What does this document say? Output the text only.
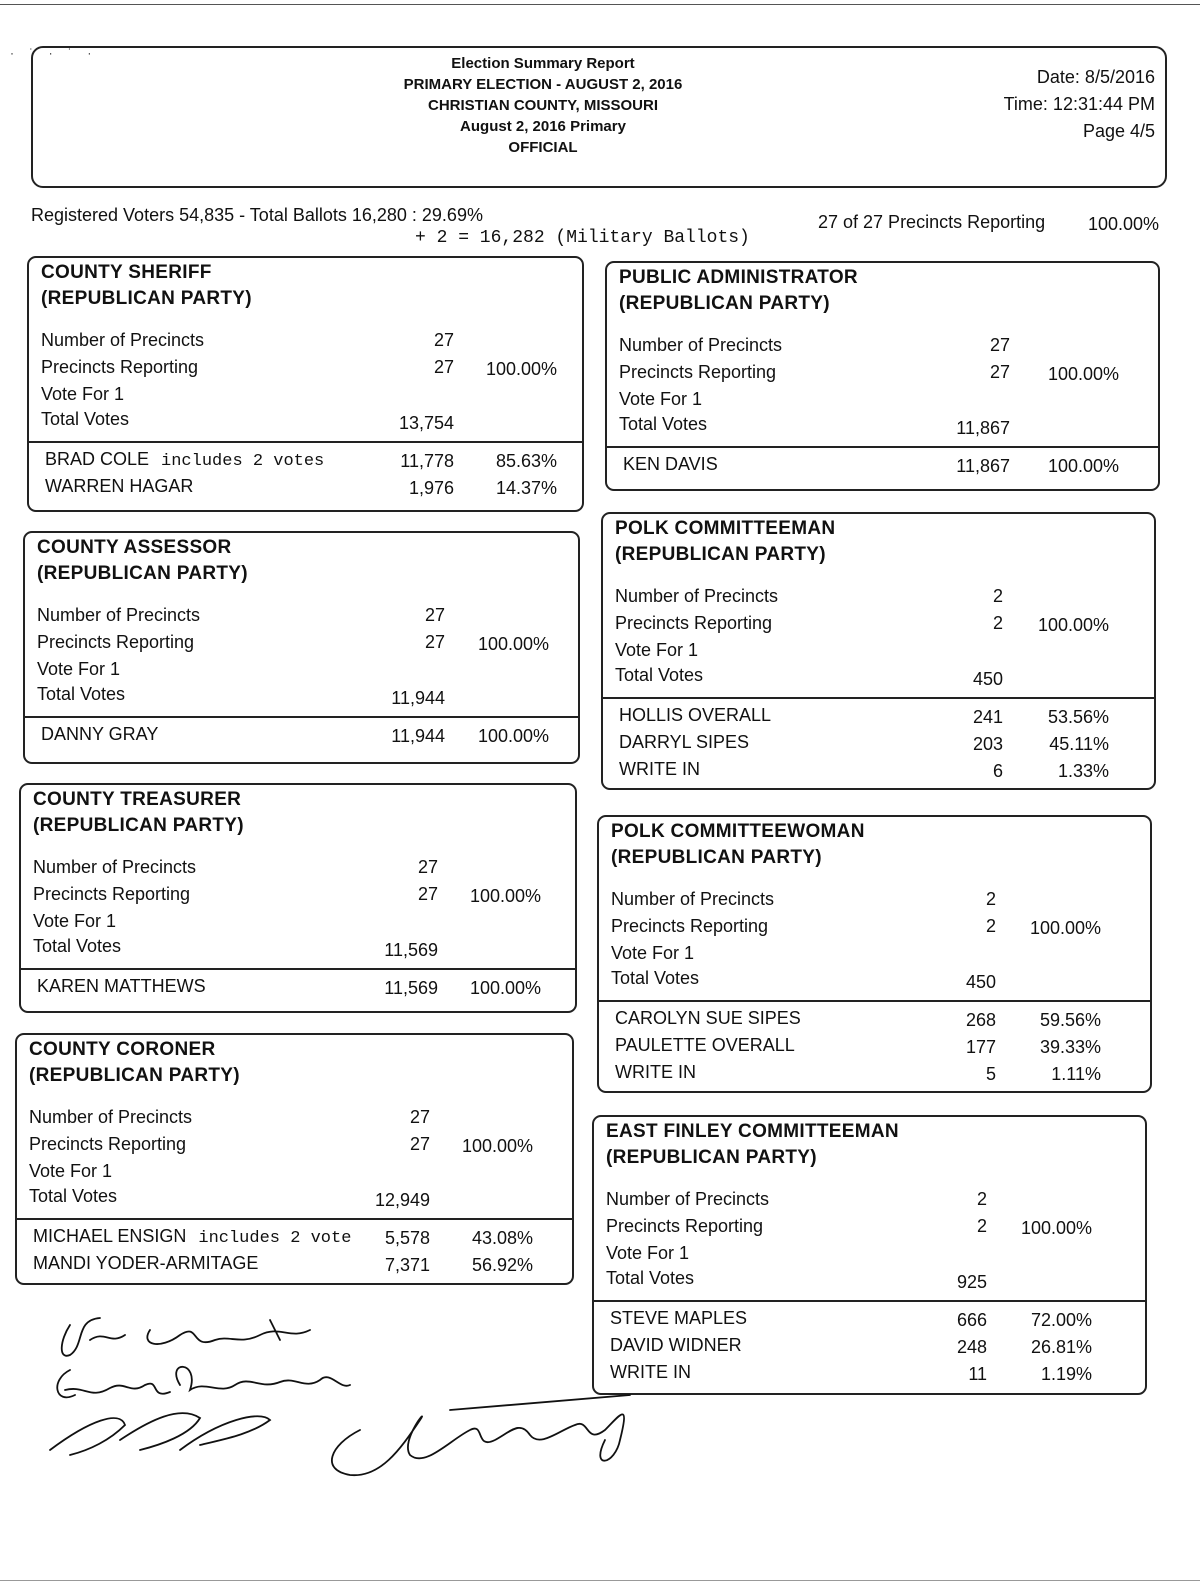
· ˙ · ˙ ·
Election Summary Report
PRIMARY ELECTION - AUGUST 2, 2016
CHRISTIAN COUNTY, MISSOURI
August 2, 2016 Primary
OFFICIAL
Date: 8/5/2016
Time: 12:31:44 PM
Page 4/5
Registered Voters 54,835 - Total Ballots 16,280 : 29.69%
+ 2 = 16,282 (Military Ballots)
27 of 27 Precincts Reporting 100.00%
COUNTY SHERIFF
(REPUBLICAN PARTY)
Number of Precincts	27
Precincts Reporting	27	100.00%
Vote For 1
Total Votes	13,754
BRAD COLE includes 2 votes	11,778	85.63%
WARREN HAGAR	1,976	14.37%
COUNTY ASSESSOR
(REPUBLICAN PARTY)
Number of Precincts	27
Precincts Reporting	27	100.00%
Vote For 1
Total Votes	11,944
DANNY GRAY	11,944	100.00%
COUNTY TREASURER
(REPUBLICAN PARTY)
Number of Precincts	27
Precincts Reporting	27	100.00%
Vote For 1
Total Votes	11,569
KAREN MATTHEWS	11,569	100.00%
COUNTY CORONER
(REPUBLICAN PARTY)
Number of Precincts	27
Precincts Reporting	27	100.00%
Vote For 1
Total Votes	12,949
MICHAEL ENSIGN includes 2 vote	5,578	43.08%
MANDI YODER-ARMITAGE	7,371	56.92%
PUBLIC ADMINISTRATOR
(REPUBLICAN PARTY)
Number of Precincts	27
Precincts Reporting	27	100.00%
Vote For 1
Total Votes	11,867
KEN DAVIS	11,867	100.00%
POLK COMMITTEEMAN
(REPUBLICAN PARTY)
Number of Precincts	2
Precincts Reporting	2	100.00%
Vote For 1
Total Votes	450
HOLLIS OVERALL	241	53.56%
DARRYL SIPES	203	45.11%
WRITE IN	6	1.33%
POLK COMMITTEEWOMAN
(REPUBLICAN PARTY)
Number of Precincts	2
Precincts Reporting	2	100.00%
Vote For 1
Total Votes	450
CAROLYN SUE SIPES	268	59.56%
PAULETTE OVERALL	177	39.33%
WRITE IN	5	1.11%
EAST FINLEY COMMITTEEMAN
(REPUBLICAN PARTY)
Number of Precincts	2
Precincts Reporting	2	100.00%
Vote For 1
Total Votes	925
STEVE MAPLES	666	72.00%
DAVID WIDNER	248	26.81%
WRITE IN	11	1.19%
